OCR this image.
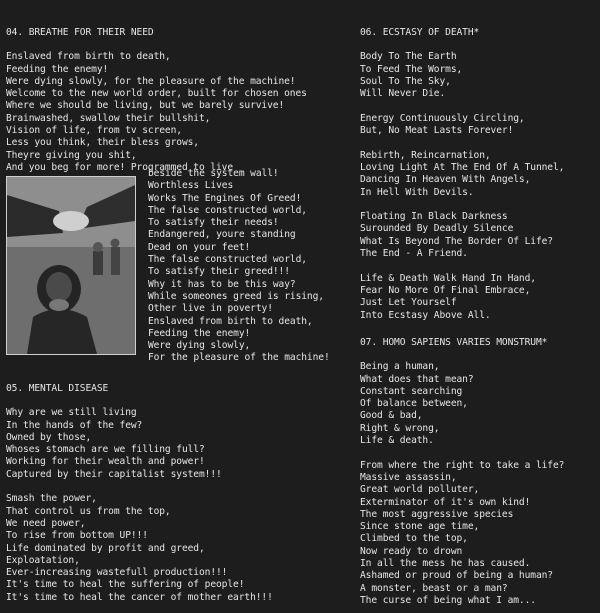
04. BREATHE FOR THEIR NEED
Enslaved from birth to death,
Feeding the enemy!
Were dying slowly, for the pleasure of the machine!
Welcome to the new world order, built for chosen ones
Where we should be living, but we barely survive!
Brainwashed, swallow their bullshit,
Vision of life, from tv screen,
Less you think, their bless grows,
Theyre giving you shit,
And you beg for more! Programmed to live
beside the system wall!
Worthless Lives
Works The Engines Of Greed!
The false constructed world,
To satisfy their needs!
Endangered, youre standing
Dead on your feet!
The false constructed world,
To satisfy their greed!!!
Why it has to be this way?
While someones greed is rising,
Other live in poverty!
Enslaved from birth to death,
Feeding the enemy!
Were dying slowly,
For the pleasure of the machine!
05. MENTAL DISEASE
Why are we still living
In the hands of the few?
Owned by those,
Whoses stomach are we filling full?
Working for their wealth and power!
Captured by their capitalist system!!!
Smash the power,
That control us from the top,
We need power,
To rise from bottom UP!!!
Life dominated by profit and greed,
Exploatation,
Ever-increasing wastefull production!!!
It's time to heal the suffering of people!
It's time to heal the cancer of mother earth!!!
06. ECSTASY OF DEATH*
Body To The Earth
To Feed The Worms,
Soul To The Sky,
Will Never Die.
Energy Continuously Circling,
But, No Meat Lasts Forever!
Rebirth, Reincarnation,
Loving Light At The End Of A Tunnel,
Dancing In Heaven With Angels,
In Hell With Devils.
Floating In Black Darkness
Surounded By Deadly Silence
What Is Beyond The Border Of Life?
The End - A Friend.
Life & Death Walk Hand In Hand,
Fear No More Of Final Embrace,
Just Let Yourself
Into Ecstasy Above All.
07. HOMO SAPIENS VARIES MONSTRUM*
Being a human,
What does that mean?
Constant searching
Of balance between,
Good & bad,
Right & wrong,
Life & death.
From where the right to take a life?
Massive assassin,
Great world polluter,
Exterminator of it's own kind!
The most aggressive species
Since stone age time,
Climbed to the top,
Now ready to drown
In all the mess he has caused.
Ashamed or proud of being a human?
A monster, beast or a man?
The curse of being what I am...
